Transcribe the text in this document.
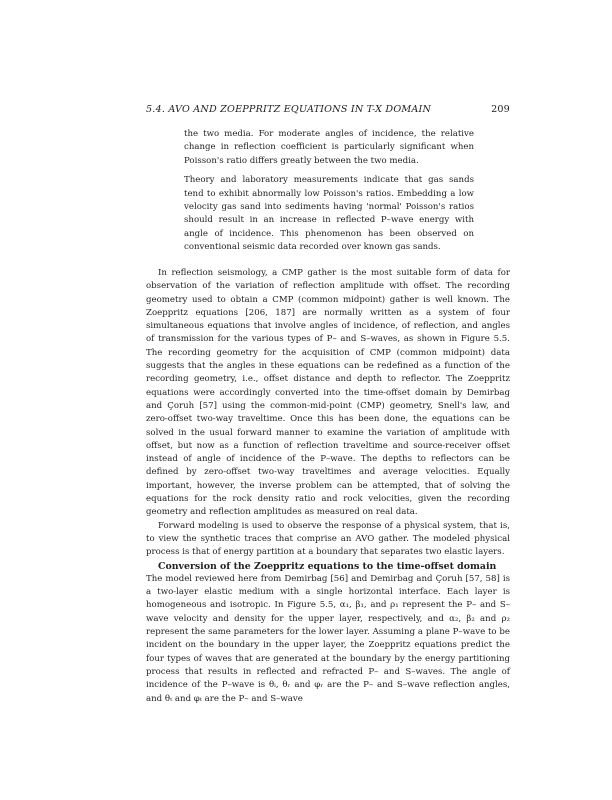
5.4. AVO AND ZOEPPRITZ EQUATIONS IN T-X DOMAIN	209

the two media. For moderate angles of incidence, the relative change in reflection coefficient is particularly significant when Poisson's ratio differs greatly between the two media.

Theory and laboratory measurements indicate that gas sands tend to exhibit abnormally low Poisson's ratios. Embedding a low velocity gas sand into sediments having 'normal' Poisson's ratios should result in an increase in reflected P–wave energy with angle of incidence. This phenomenon has been observed on conventional seismic data recorded over known gas sands.

In reflection seismology, a CMP gather is the most suitable form of data for observation of the variation of reflection amplitude with offset. The recording geometry used to obtain a CMP (common midpoint) gather is well known. The Zoeppritz equations [206, 187] are normally written as a system of four simultaneous equations that involve angles of incidence, of reflection, and angles of transmission for the various types of P– and S–waves, as shown in Figure 5.5. The recording geometry for the acquisition of CMP (common midpoint) data suggests that the angles in these equations can be redefined as a function of the recording geometry, i.e., offset distance and depth to reflector. The Zoeppritz equations were accordingly converted into the time-offset domain by Demirbag and Çoruh [57] using the common-mid-point (CMP) geometry, Snell's law, and zero-offset two-way traveltime. Once this has been done, the equations can be solved in the usual forward manner to examine the variation of amplitude with offset, but now as a function of reflection traveltime and source-receiver offset instead of angle of incidence of the P–wave. The depths to reflectors can be defined by zero-offset two-way traveltimes and average velocities. Equally important, however, the inverse problem can be attempted, that of solving the equations for the rock density ratio and rock velocities, given the recording geometry and reflection amplitudes as measured on real data.

Forward modeling is used to observe the response of a physical system, that is, to view the synthetic traces that comprise an AVO gather. The modeled physical process is that of energy partition at a boundary that separates two elastic layers.

Conversion of the Zoeppritz equations to the time-offset domain

The model reviewed here from Demirbag [56] and Demirbag and Çoruh [57, 58] is a two-layer elastic medium with a single horizontal interface. Each layer is homogeneous and isotropic. In Figure 5.5, α₁, β₁, and ρ₁ represent the P– and S–wave velocity and density for the upper layer, respectively, and α₂, β₂ and ρ₂ represent the same parameters for the lower layer. Assuming a plane P–wave to be incident on the boundary in the upper layer, the Zoeppritz equations predict the four types of waves that are generated at the boundary by the energy partitioning process that results in reflected and refracted P– and S–waves. The angle of incidence of the P–wave is θᵢ, θᵣ and φᵣ are the P– and S–wave reflection angles, and θₜ and φₜ are the P– and S–wave
